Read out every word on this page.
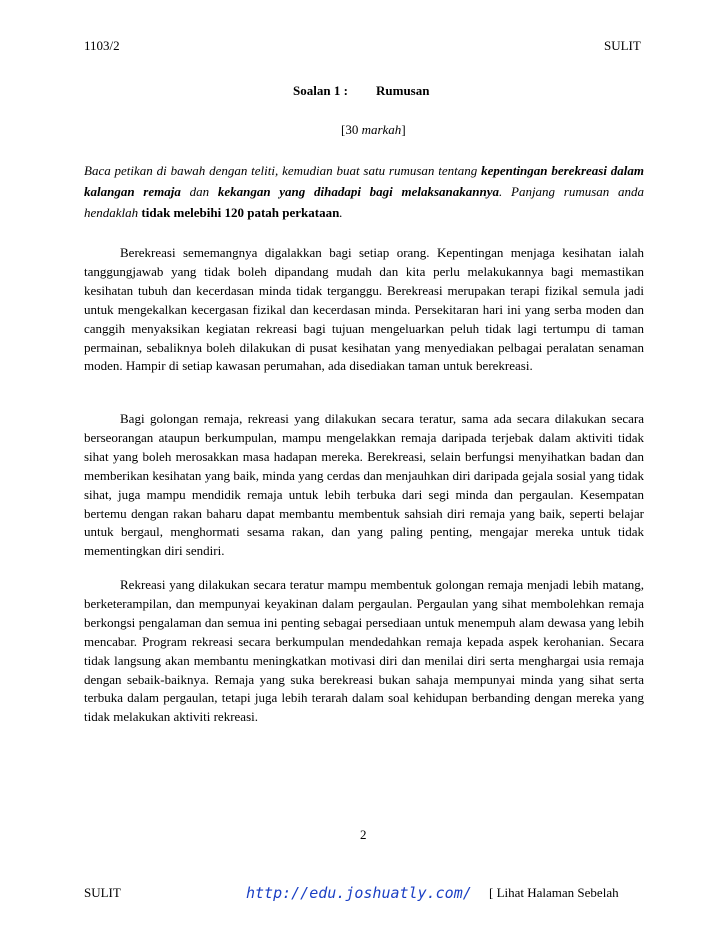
1103/2	SULIT
Soalan 1 : Rumusan
[30 markah]
Baca petikan di bawah dengan teliti, kemudian buat satu rumusan tentang kepentingan berekreasi dalam kalangan remaja dan kekangan yang dihadapi bagi melaksanakannya. Panjang rumusan anda hendaklah tidak melebihi 120 patah perkataan.

Berekreasi sememangnya digalakkan bagi setiap orang. Kepentingan menjaga kesihatan ialah tanggungjawab yang tidak boleh dipandang mudah dan kita perlu melakukannya bagi memastikan kesihatan tubuh dan kecerdasan minda tidak terganggu. Berekreasi merupakan terapi fizikal semula jadi untuk mengekalkan kecergasan fizikal dan kecerdasan minda. Persekitaran hari ini yang serba moden dan canggih menyaksikan kegiatan rekreasi bagi tujuan mengeluarkan peluh tidak lagi tertumpu di taman permainan, sebaliknya boleh dilakukan di pusat kesihatan yang menyediakan pelbagai peralatan senaman moden. Hampir di setiap kawasan perumahan, ada disediakan taman untuk berekreasi.

Bagi golongan remaja, rekreasi yang dilakukan secara teratur, sama ada secara dilakukan secara berseorangan ataupun berkumpulan, mampu mengelakkan remaja daripada terjebak dalam aktiviti tidak sihat yang boleh merosakkan masa hadapan mereka. Berekreasi, selain berfungsi menyihatkan badan dan memberikan kesihatan yang baik, minda yang cerdas dan menjauhkan diri daripada gejala sosial yang tidak sihat, juga mampu mendidik remaja untuk lebih terbuka dari segi minda dan pergaulan. Kesempatan bertemu dengan rakan baharu dapat membantu membentuk sahsiah diri remaja yang baik, seperti belajar untuk bergaul, menghormati sesama rakan, dan yang paling penting, mengajar mereka untuk tidak mementingkan diri sendiri.

Rekreasi yang dilakukan secara teratur mampu membentuk golongan remaja menjadi lebih matang, berketerampilan, dan mempunyai keyakinan dalam pergaulan. Pergaulan yang sihat membolehkan remaja berkongsi pengalaman dan semua ini penting sebagai persediaan untuk menempuh alam dewasa yang lebih mencabar. Program rekreasi secara berkumpulan mendedahkan remaja kepada aspek kerohanian. Secara tidak langsung akan membantu meningkatkan motivasi diri dan menilai diri serta menghargai usia remaja dengan sebaik-baiknya. Remaja yang suka berekreasi bukan sahaja mempunyai minda yang sihat serta terbuka dalam pergaulan, tetapi juga lebih terarah dalam soal kehidupan berbanding dengan mereka yang tidak melakukan aktiviti rekreasi.

2
SULIT	http://edu.joshuatly.com/ [ Lihat Halaman Sebelah
